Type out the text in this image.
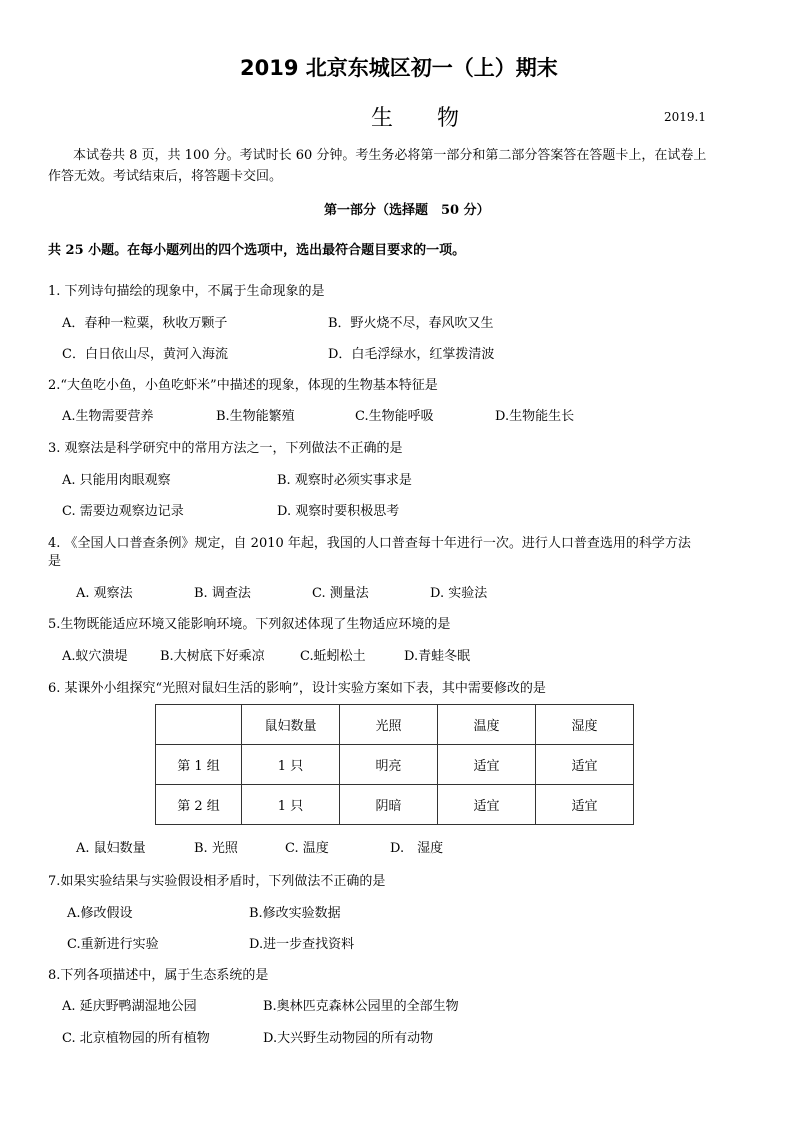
2019 北京东城区初一（上）期末
生　　物	2019.1
本试卷共 8 页，共 100 分。考试时长 60 分钟。考生务必将第一部分和第二部分答案答在答题卡上，在试卷上
作答无效。考试结束后，将答题卡交回。
第一部分（选择题　50 分）
共 25 小题。在每小题列出的四个选项中，选出最符合题目要求的一项。
1. 下列诗句描绘的现象中，不属于生命现象的是
A．春种一粒粟，秋收万颗子	B．野火烧不尽，春风吹又生
C．白日依山尽，黄河入海流	D．白毛浮绿水，红掌拨清波
2.“大鱼吃小鱼，小鱼吃虾米”中描述的现象，体现的生物基本特征是
A.生物需要营养	B.生物能繁殖	C.生物能呼吸	D.生物能生长
3. 观察法是科学研究中的常用方法之一，下列做法不正确的是
A. 只能用肉眼观察	B. 观察时必须实事求是
C. 需要边观察边记录	D. 观察时要积极思考
4. 《全国人口普查条例》规定，自 2010 年起，我国的人口普查每十年进行一次。进行人口普查选用的科学方法
是
A. 观察法	B. 调查法	C. 测量法	D. 实验法
5.生物既能适应环境又能影响环境。下列叙述体现了生物适应环境的是
A.蚁穴溃堤 B.大树底下好乘凉	C.蚯蚓松土	D.青蛙冬眠
6. 某课外小组探究“光照对鼠妇生活的影响”，设计实验方案如下表，其中需要修改的是
	鼠妇数量	光照	温度	湿度
第 1 组	1 只	明亮	适宜	适宜
第 2 组	1 只	阴暗	适宜	适宜
A. 鼠妇数量	B. 光照	C. 温度	D.　湿度
7.如果实验结果与实验假设相矛盾时，下列做法不正确的是
A.修改假设	B.修改实验数据
C.重新进行实验	D.进一步查找资料
8.下列各项描述中，属于生态系统的是
A. 延庆野鸭湖湿地公园	B.奥林匹克森林公园里的全部生物
C. 北京植物园的所有植物	D.大兴野生动物园的所有动物
